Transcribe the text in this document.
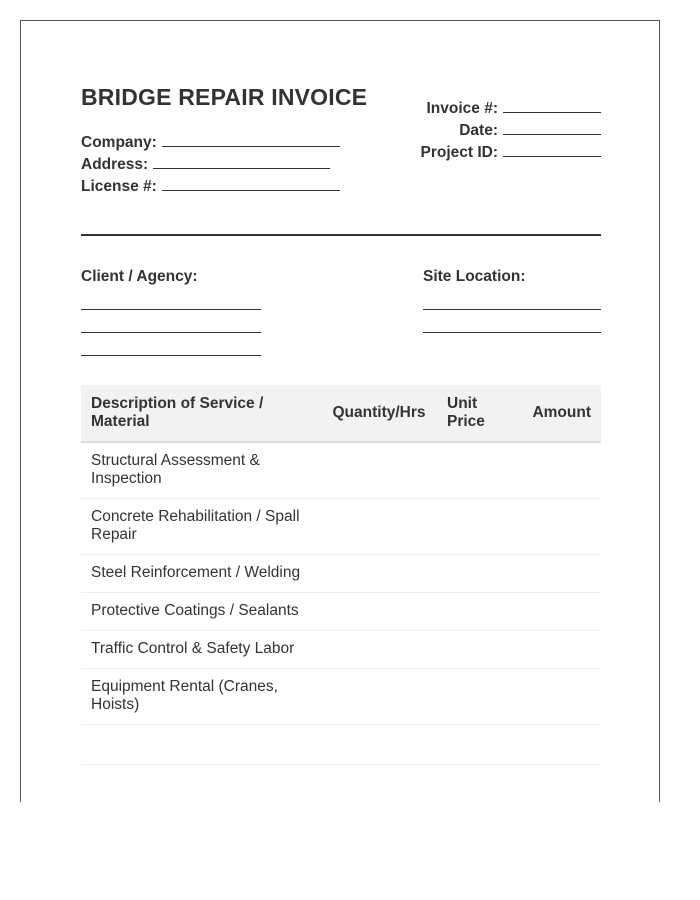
BRIDGE REPAIR INVOICE
Company:
Address:
License #:
Invoice #:
Date:
Project ID:
Client / Agency:	Site Location:
Description of Service / Material	Quantity/Hrs	Unit Price	Amount
Structural Assessment & Inspection			
Concrete Rehabilitation / Spall Repair			
Steel Reinforcement / Welding			
Protective Coatings / Sealants			
Traffic Control & Safety Labor			
Equipment Rental (Cranes, Hoists)			
